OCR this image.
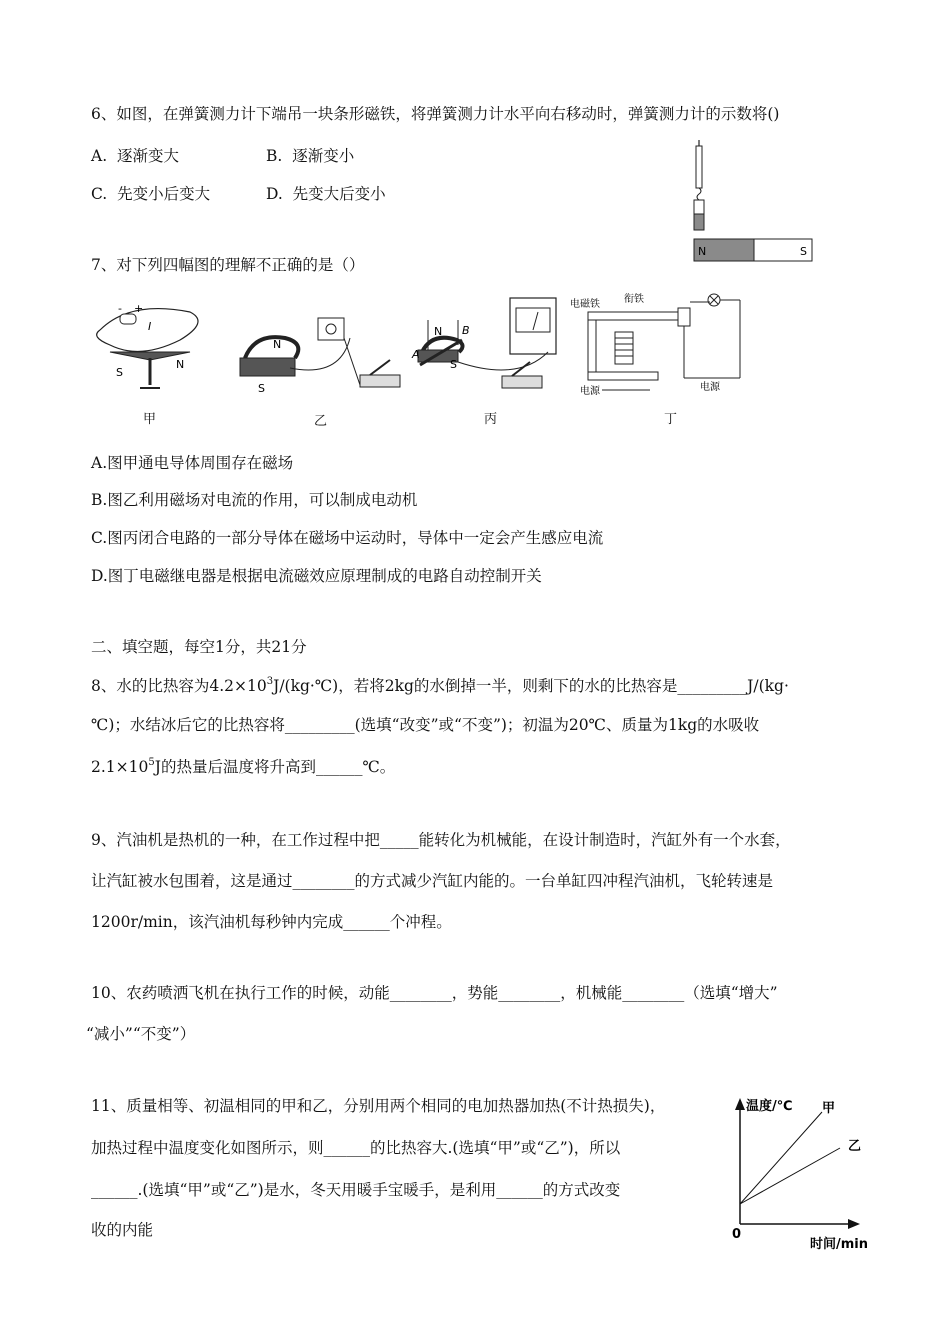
6、如图，在弹簧测力计下端吊一块条形磁铁，将弹簧测力计水平向右移动时，弹簧测力计的示数将()
A. 逐渐变大	B. 逐渐变小
C. 先变小后变大	D. 先变大后变小
N	S
7、对下列四幅图的理解不正确的是（）
- +
I
S
N
N
S
N
S
A
B
电磁铁 衔铁
电源
电源
甲	乙	丙	丁
A.图甲通电导体周围存在磁场
B.图乙利用磁场对电流的作用，可以制成电动机
C.图丙闭合电路的一部分导体在磁场中运动时，导体中一定会产生感应电流
D.图丁电磁继电器是根据电流磁效应原理制成的电路自动控制开关
二、填空题，每空1分，共21分
8、水的比热容为$4.2\times 10^3J/(kg\cdot℃)$，若将2kg的水倒掉一半，则剩下的水的比热容是_________J/(kg·
℃)；水结冰后它的比热容将_________(选填“改变”或“不变”)；初温为20℃、质量为1kg的水吸收
$2.1\times 10^5J$的热量后温度将升高到______℃。
9、汽油机是热机的一种，在工作过程中把_____能转化为机械能，在设计制造时，汽缸外有一个水套，
让汽缸被水包围着，这是通过________的方式减少汽缸内能的。一台单缸四冲程汽油机，飞轮转速是
1200r/min，该汽油机每秒钟内完成______个冲程。
10、农药喷洒飞机在执行工作的时候，动能________，势能________，机械能________（选填“增大”
“减小”“不变”）
11、质量相等、初温相同的甲和乙，分别用两个相同的电加热器加热(不计热损失)，
加热过程中温度变化如图所示，则______的比热容大.(选填“甲”或“乙”)，所以
______.(选填“甲”或“乙”)是水，冬天用暖手宝暖手，是利用______的方式改变
收的内能
温度/℃ 甲
乙
0
时间/min
